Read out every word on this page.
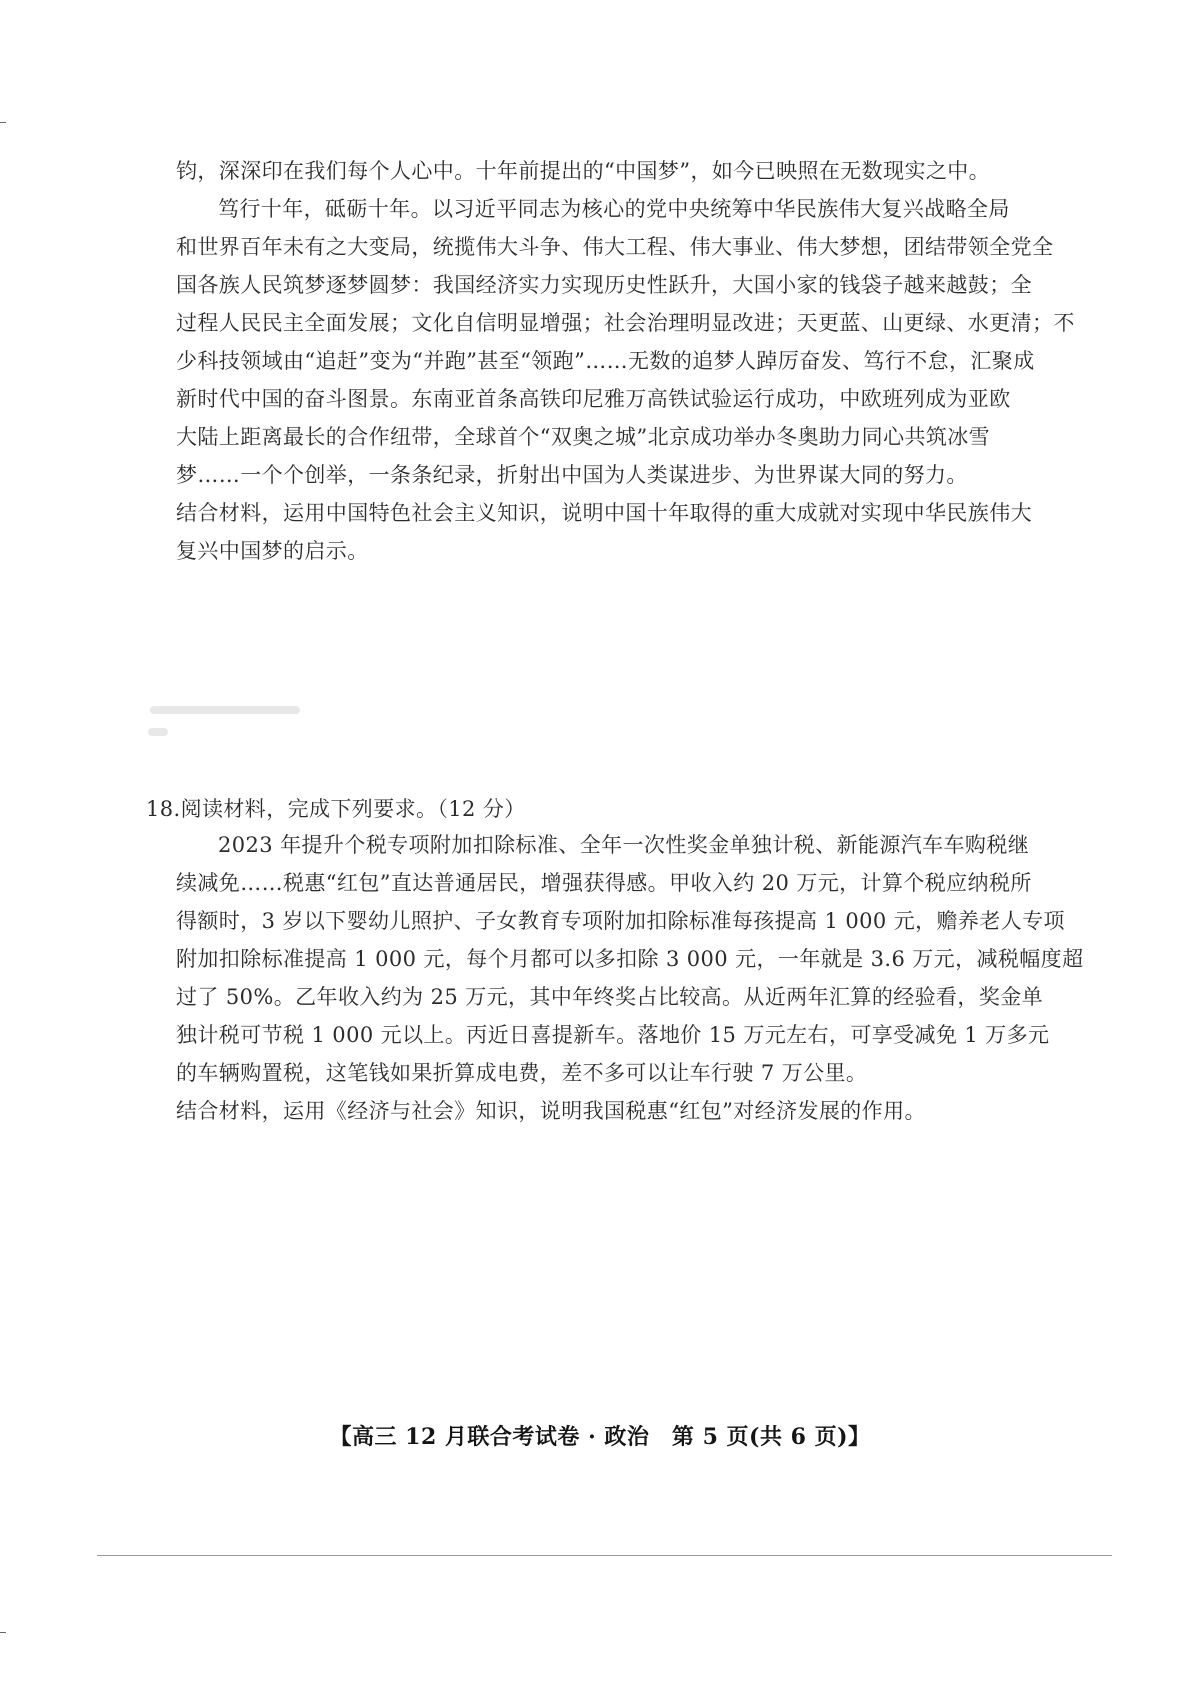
钧，深深印在我们每个人心中。十年前提出的“中国梦”，如今已映照在无数现实之中。
笃行十年，砥砺十年。以习近平同志为核心的党中央统筹中华民族伟大复兴战略全局
和世界百年未有之大变局，统揽伟大斗争、伟大工程、伟大事业、伟大梦想，团结带领全党全
国各族人民筑梦逐梦圆梦：我国经济实力实现历史性跃升，大国小家的钱袋子越来越鼓；全
过程人民民主全面发展；文化自信明显增强；社会治理明显改进；天更蓝、山更绿、水更清；不
少科技领域由“追赶”变为“并跑”甚至“领跑”……无数的追梦人踔厉奋发、笃行不怠，汇聚成
新时代中国的奋斗图景。东南亚首条高铁印尼雅万高铁试验运行成功，中欧班列成为亚欧
大陆上距离最长的合作纽带，全球首个“双奥之城”北京成功举办冬奥助力同心共筑冰雪
梦……一个个创举，一条条纪录，折射出中国为人类谋进步、为世界谋大同的努力。
结合材料，运用中国特色社会主义知识，说明中国十年取得的重大成就对实现中华民族伟大
复兴中国梦的启示。
18.阅读材料，完成下列要求。（12 分）
2023 年提升个税专项附加扣除标准、全年一次性奖金单独计税、新能源汽车车购税继
续减免……税惠“红包”直达普通居民，增强获得感。甲收入约 20 万元，计算个税应纳税所
得额时，3 岁以下婴幼儿照护、子女教育专项附加扣除标准每孩提高 1 000 元，赡养老人专项
附加扣除标准提高 1 000 元，每个月都可以多扣除 3 000 元，一年就是 3.6 万元，减税幅度超
过了 50%。乙年收入约为 25 万元，其中年终奖占比较高。从近两年汇算的经验看，奖金单
独计税可节税 1 000 元以上。丙近日喜提新车。落地价 15 万元左右，可享受减免 1 万多元
的车辆购置税，这笔钱如果折算成电费，差不多可以让车行驶 7 万公里。
结合材料，运用《经济与社会》知识，说明我国税惠“红包”对经济发展的作用。
【高三 12 月联合考试卷 · 政治　第 5 页(共 6 页)】
